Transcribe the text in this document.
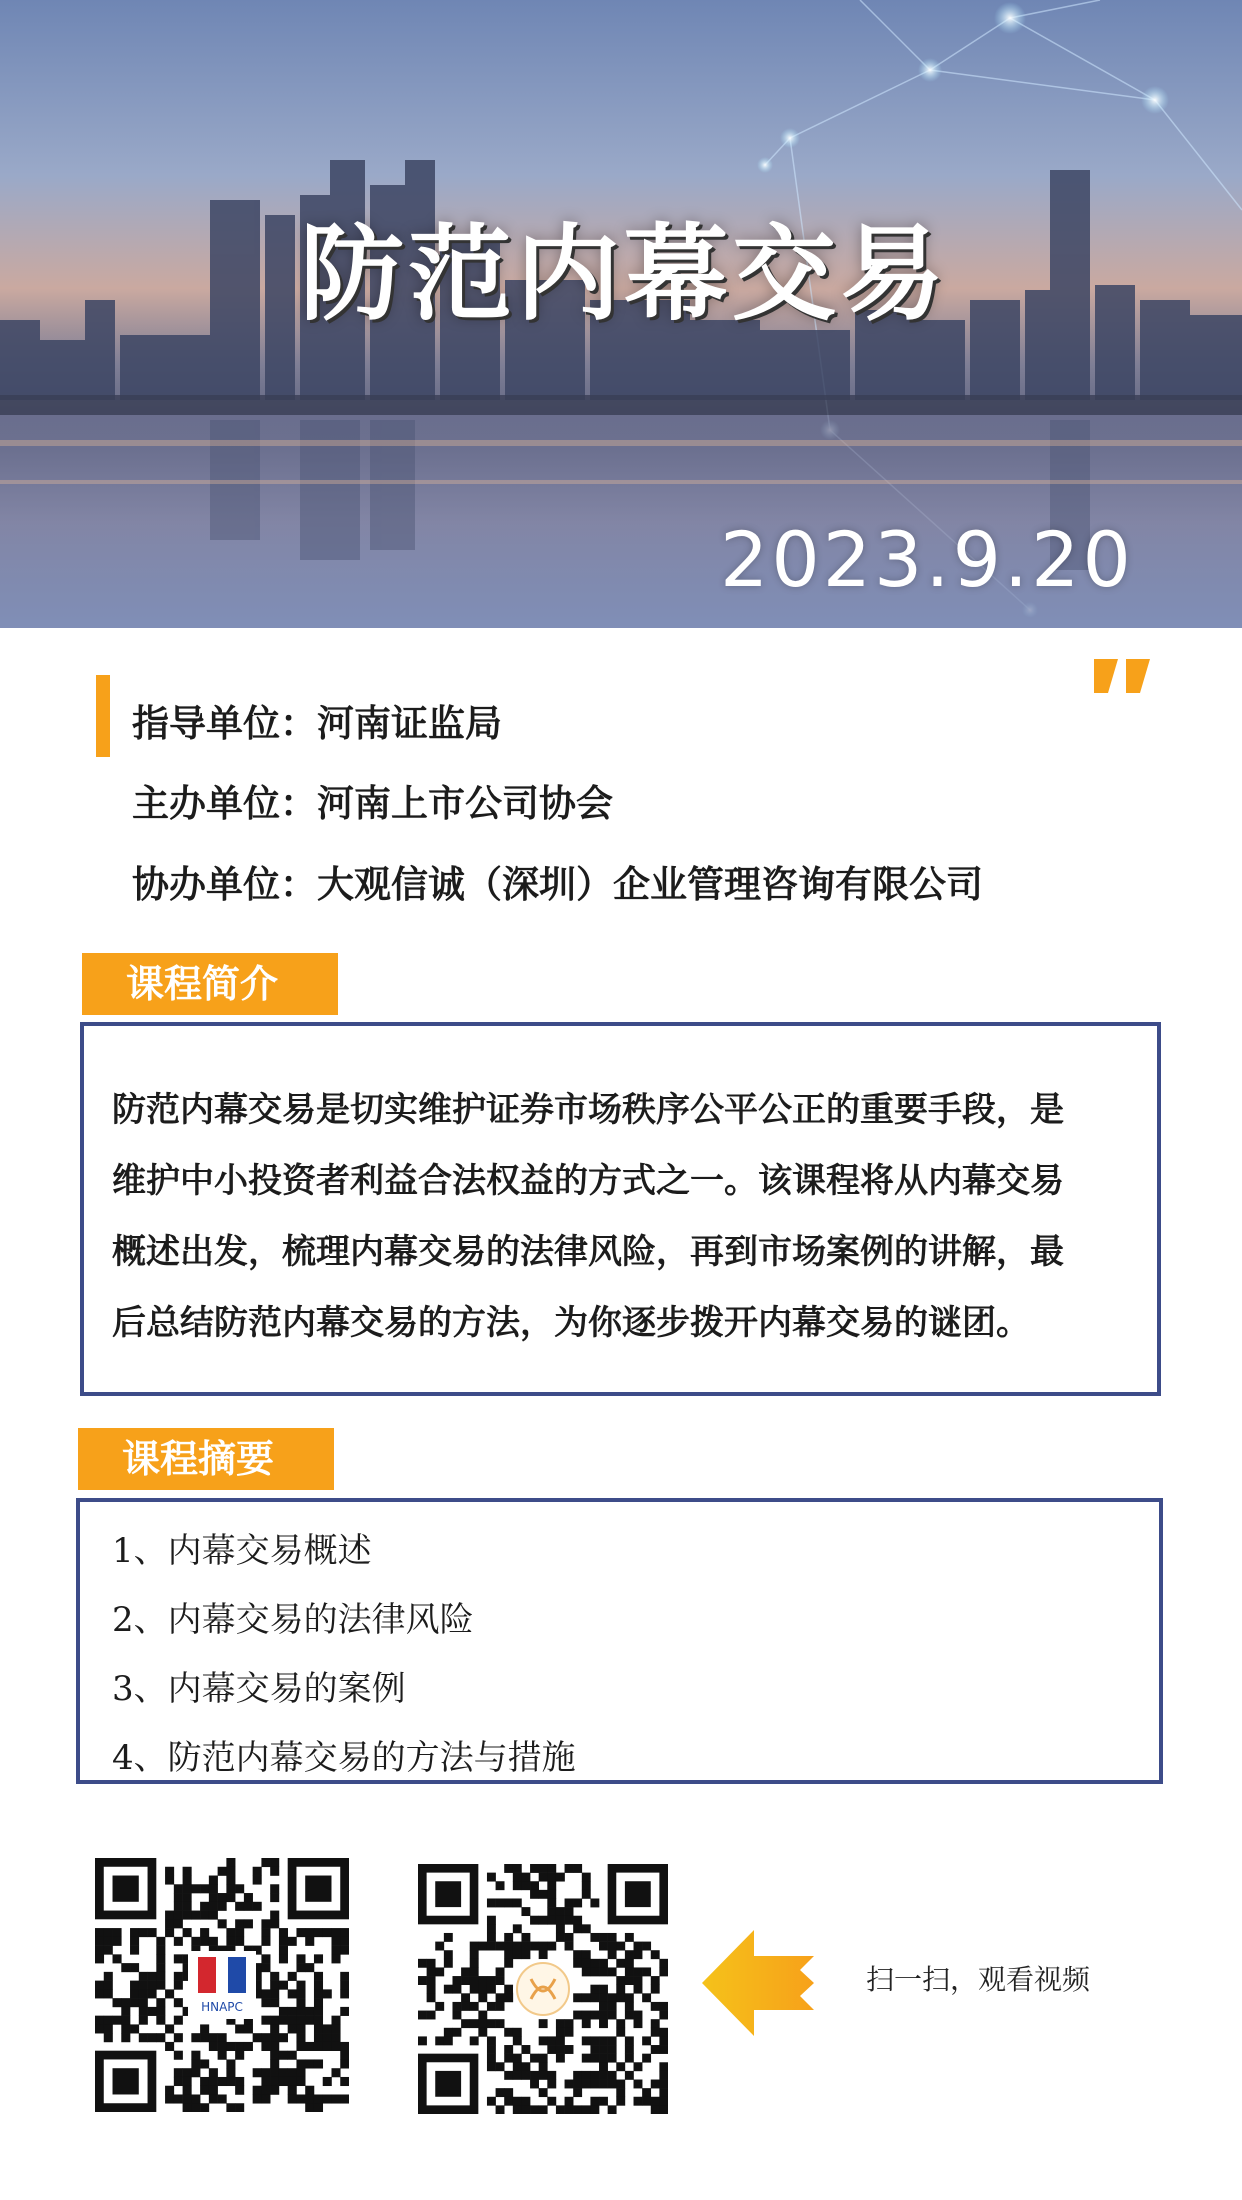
防范内幕交易
2023.9.20
指导单位：河南证监局
主办单位：河南上市公司协会
协办单位：大观信诚（深圳）企业管理咨询有限公司
课程简介
防范内幕交易是切实维护证券市场秩序公平公正的重要手段，是
维护中小投资者利益合法权益的方式之一。该课程将从内幕交易
概述出发，梳理内幕交易的法律风险，再到市场案例的讲解，最
后总结防范内幕交易的方法，为你逐步拨开内幕交易的谜团。
课程摘要
1、内幕交易概述
2、内幕交易的法律风险
3、内幕交易的案例
4、防范内幕交易的方法与措施
HNAPC
扫一扫，观看视频
